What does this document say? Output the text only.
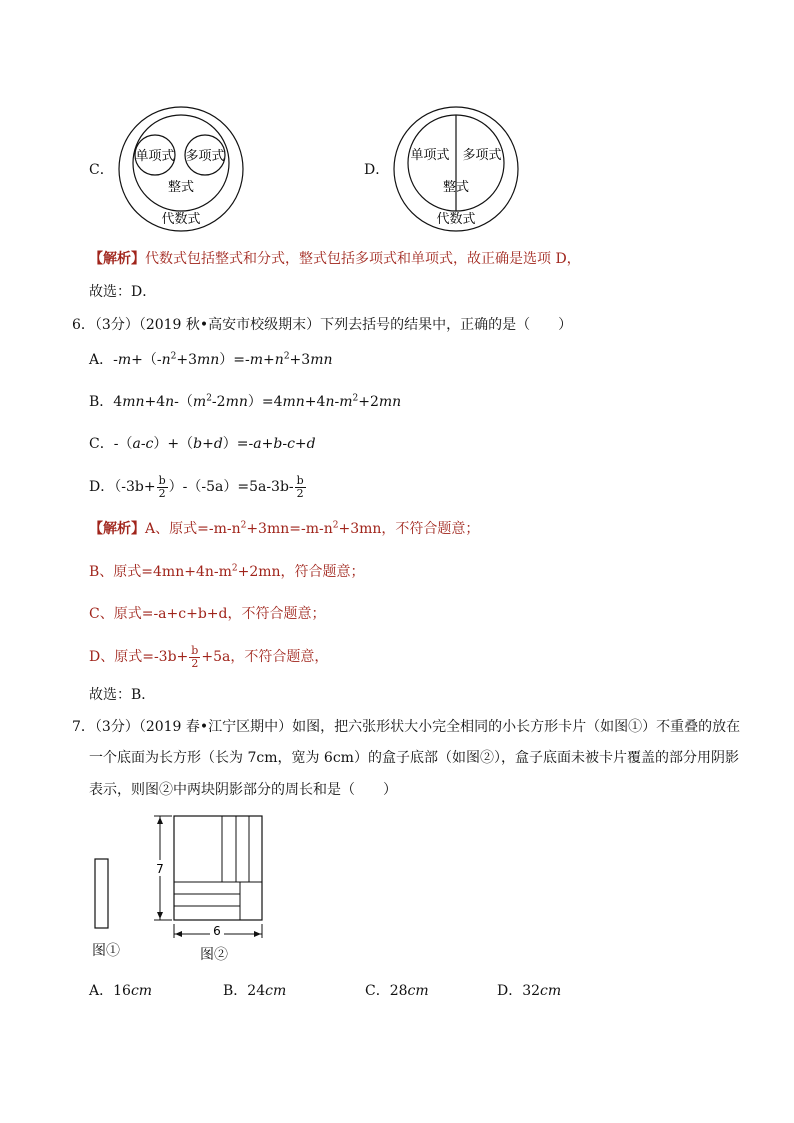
C．
单项式 多项式
整式
代数式
D．
单项式 多项式
整式
代数式
【解析】代数式包括整式和分式，整式包括多项式和单项式，故正确是选项 D，
故选：D．
6．（3分）（2019 秋•高安市校级期末）下列去括号的结果中，正确的是（　　）
A．$-m+(-n^2+3mn)=-m+n^2+3mn$
B．$4mn+4n-(m^2-2mn)=4mn+4n-m^2+2mn$
C．-（a-c）+（b+d）=-a+b-c+d
D．$(-3b+ \frac{b}{2} )-(-5a)=5a-3b- \frac{b}{2}$
【解析】A、原式$=-m-n^2+3mn=-m-n^2+3mn$，不符合题意；
B、原式$=4mn+4n-m^2+2mn$，符合题意；
C、原式=-a+c+b+d，不符合题意；
D、原式$=-3b+ \frac{b}{2} +5a$，不符合题意，
故选：B．
7．（3分）（2019 春•江宁区期中）如图，把六张形状大小完全相同的小长方形卡片（如图①）不重叠的放在
一个底面为长方形（长为 7cm，宽为 6cm）的盒子底部（如图②），盒子底面未被卡片覆盖的部分用阴影
表示，则图②中两块阴影部分的周长和是（　　）
图①
7
6
图②
A．16cm	B．24cm	C．28cm	D．32cm
